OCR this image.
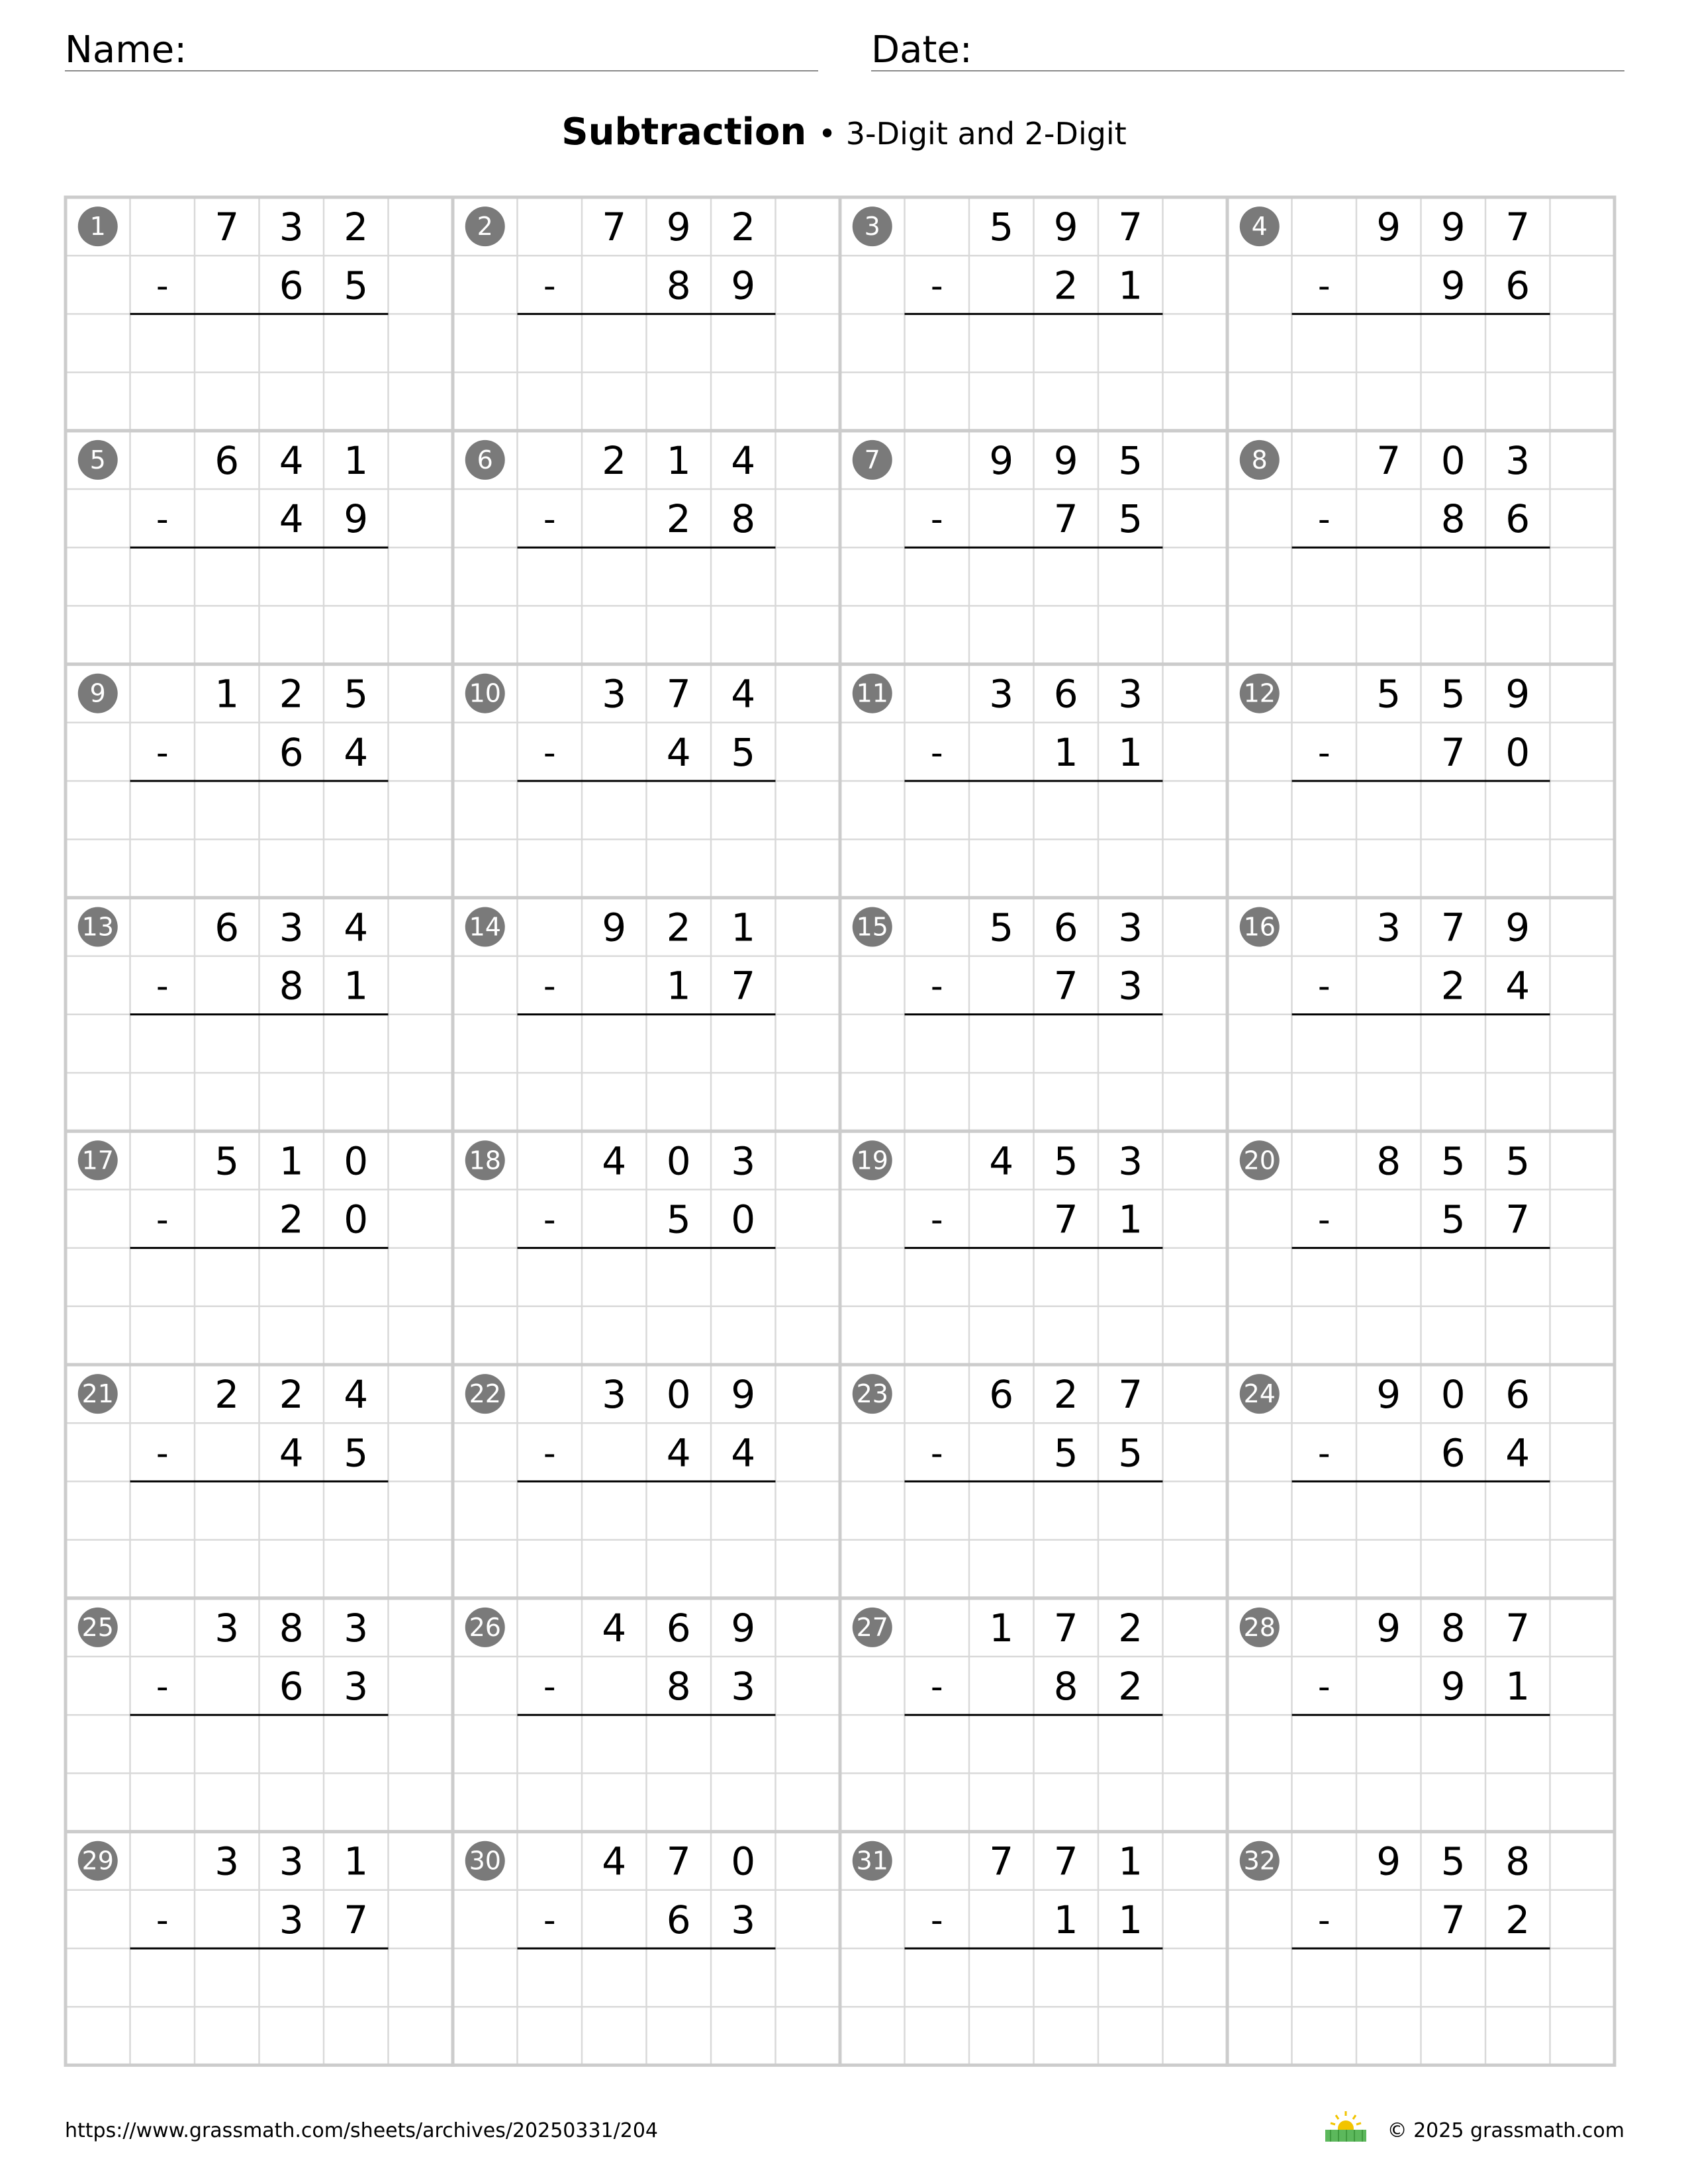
Name:	Date:
Subtraction • 3-Digit and 2-Digit
1	7 3 2
-	6 5
2	7 9 2
-	8 9
3	5 9 7
-	2 1
4	9 9 7
-	9 6
5	6 4 1
-	4 9
6	2 1 4
-	2 8
7	9 9 5
-	7 5
8	7 0 3
-	8 6
9	1 2 5
-	6 4
10	3 7 4
-	4 5
11	3 6 3
-	1 1
12	5 5 9
-	7 0
13	6 3 4
-	8 1
14	9 2 1
-	1 7
15	5 6 3
-	7 3
16	3 7 9
-	2 4
17	5 1 0
-	2 0
18	4 0 3
-	5 0
19	4 5 3
-	7 1
20	8 5 5
-	5 7
21	2 2 4
-	4 5
22	3 0 9
-	4 4
23	6 2 7
-	5 5
24	9 0 6
-	6 4
25	3 8 3
-	6 3
26	4 6 9
-	8 3
27	1 7 2
-	8 2
28	9 8 7
-	9 1
29	3 3 1
-	3 7
30	4 7 0
-	6 3
31	7 7 1
-	1 1
32	9 5 8
-	7 2
https://www.grassmath.com/sheets/archives/20250331/204	© 2025 grassmath.com
